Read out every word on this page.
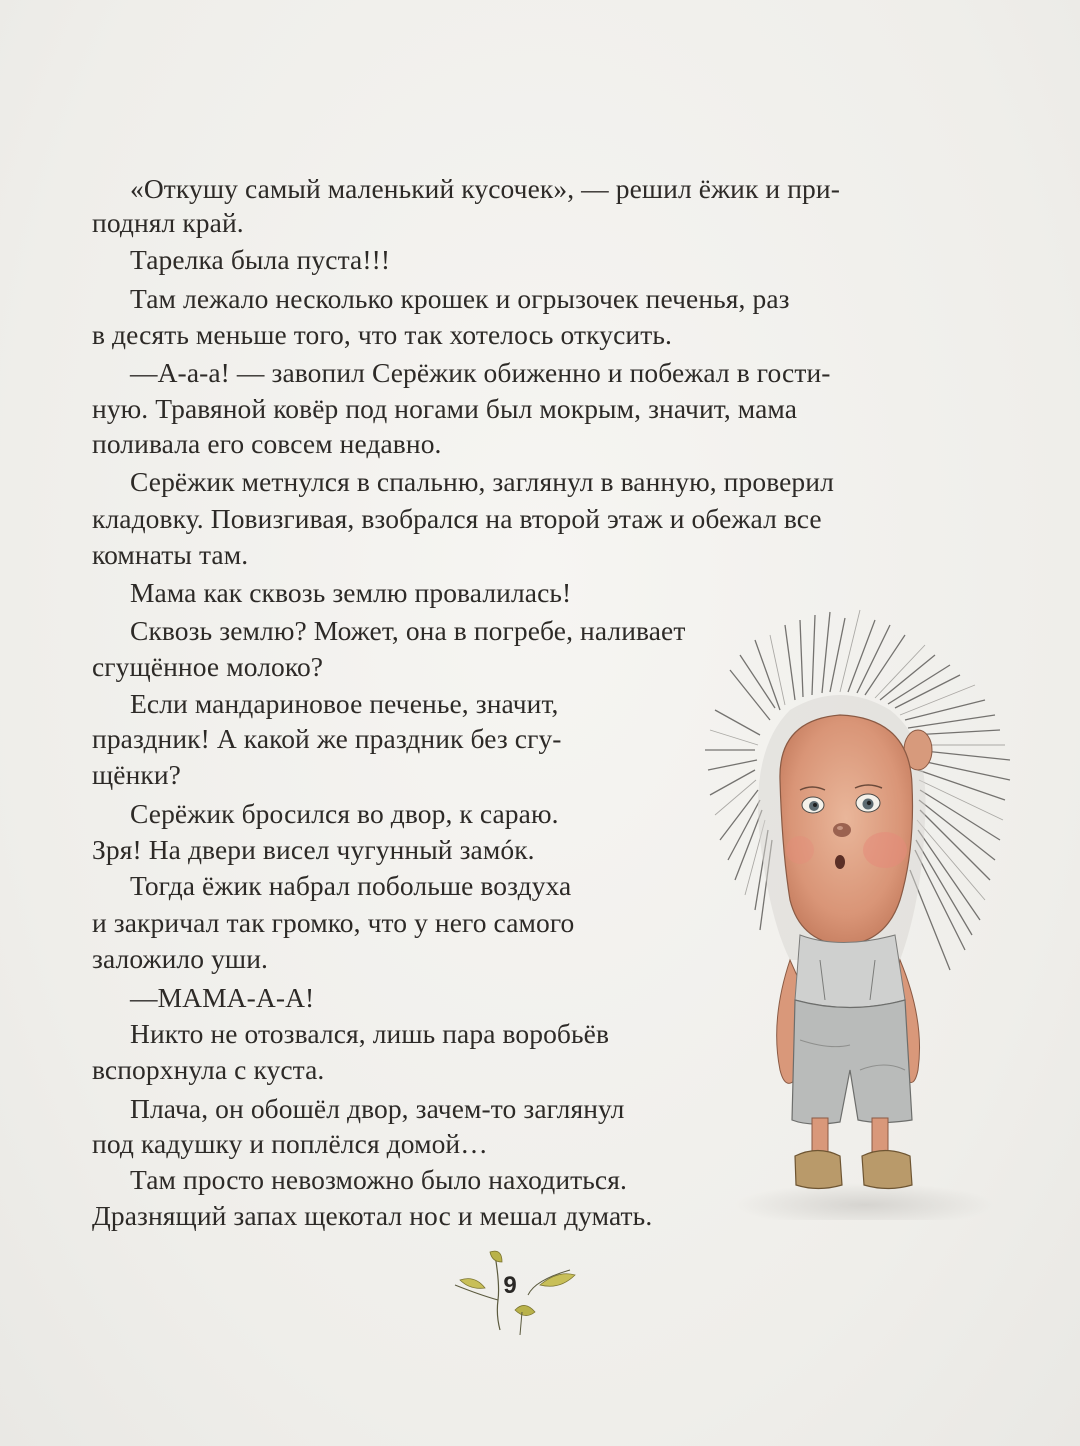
«Откушу самый маленький кусочек», — решил ёжик и при-
поднял край.
Тарелка была пуста!!!
Там лежало несколько крошек и огрызочек печенья, раз
в десять меньше того, что так хотелось откусить.
—А-а-а! — завопил Серёжик обиженно и побежал в гости-
ную. Травяной ковёр под ногами был мокрым, значит, мама
поливала его совсем недавно.
Серёжик метнулся в спальню, заглянул в ванную, проверил
кладовку. Повизгивая, взобрался на второй этаж и обежал все
комнаты там.
Мама как сквозь землю провалилась!
Сквозь землю? Может, она в погребе, наливает
сгущённое молоко?
Если мандариновое печенье, значит,
праздник! А какой же праздник без сгу-
щёнки?
Серёжик бросился во двор, к сараю.
Зря! На двери висел чугунный замóк.
Тогда ёжик набрал побольше воздуха
и закричал так громко, что у него самого
заложило уши.
—МАМА-А-А!
Никто не отозвался, лишь пара воробьёв
вспорхнула с куста.
Плача, он обошёл двор, зачем-то заглянул
под кадушку и поплёлся домой…
Там просто невозможно было находиться.
Дразнящий запах щекотал нос и мешал думать.
9
